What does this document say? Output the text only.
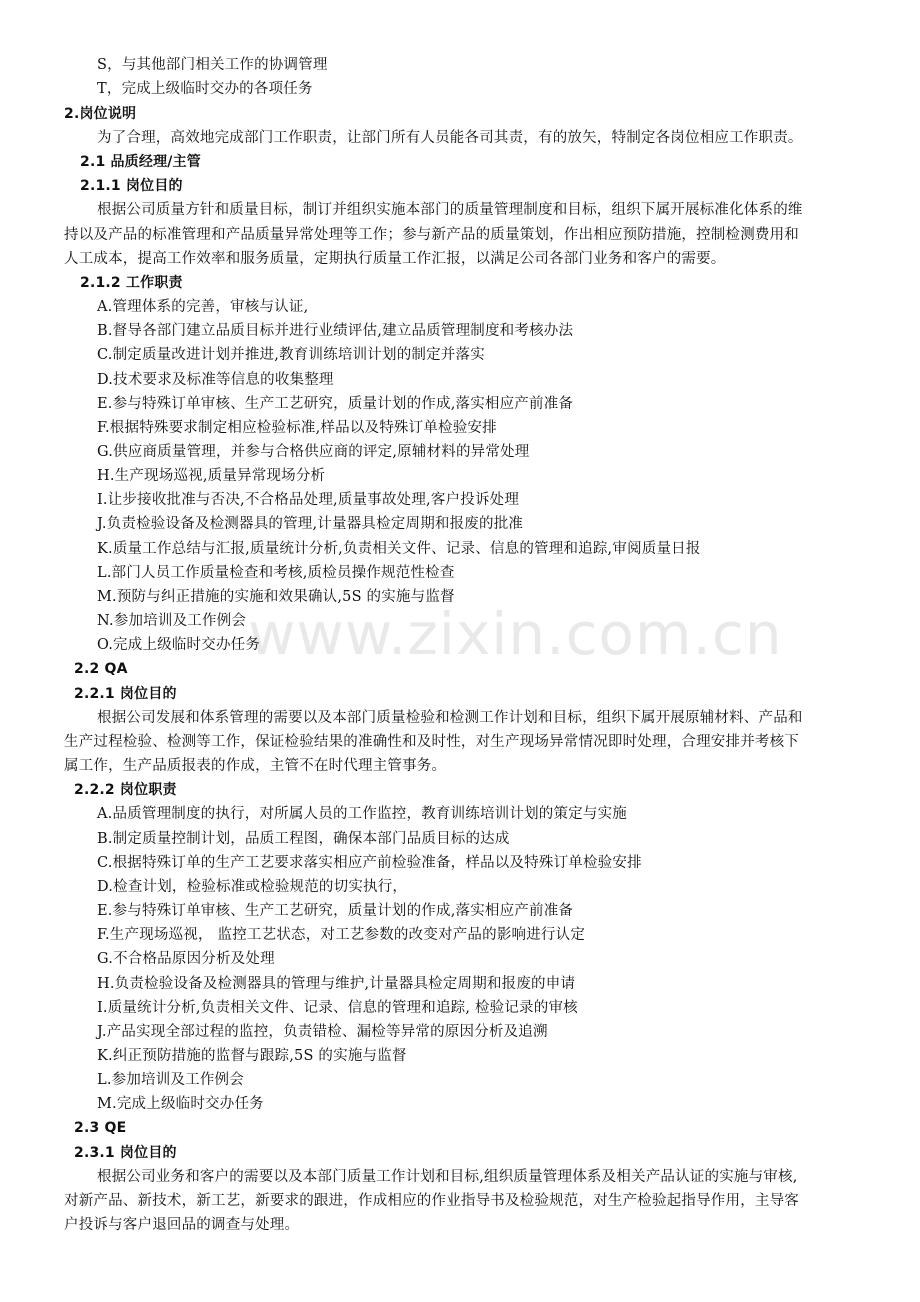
S，与其他部门相关工作的协调管理
T，完成上级临时交办的各项任务
2.岗位说明
为了合理，高效地完成部门工作职责，让部门所有人员能各司其责，有的放矢，特制定各岗位相应工作职责。
2.1 品质经理/主管
2.1.1 岗位目的
根据公司质量方针和质量目标，制订并组织实施本部门的质量管理制度和目标，组织下属开展标准化体系的维
持以及产品的标准管理和产品质量异常处理等工作；参与新产品的质量策划，作出相应预防措施，控制检测费用和
人工成本，提高工作效率和服务质量，定期执行质量工作汇报，以满足公司各部门业务和客户的需要。
2.1.2 工作职责
A.管理体系的完善，审核与认证,
B.督导各部门建立品质目标并进行业绩评估,建立品质管理制度和考核办法
C.制定质量改进计划并推进,教育训练培训计划的制定并落实
D.技术要求及标准等信息的收集整理
E.参与特殊订单审核、生产工艺研究，质量计划的作成,落实相应产前准备
F.根据特殊要求制定相应检验标准,样品以及特殊订单检验安排
G.供应商质量管理，并参与合格供应商的评定,原辅材料的异常处理
H.生产现场巡视,质量异常现场分析
I.让步接收批准与否决,不合格品处理,质量事故处理,客户投诉处理
J.负责检验设备及检测器具的管理,计量器具检定周期和报废的批准
K.质量工作总结与汇报,质量统计分析,负责相关文件、记录、信息的管理和追踪,审阅质量日报
L.部门人员工作质量检查和考核,质检员操作规范性检查
M.预防与纠正措施的实施和效果确认,5S 的实施与监督
N.参加培训及工作例会
O.完成上级临时交办任务
2.2 QA
2.2.1 岗位目的
根据公司发展和体系管理的需要以及本部门质量检验和检测工作计划和目标，组织下属开展原辅材料、产品和
生产过程检验、检测等工作，保证检验结果的准确性和及时性，对生产现场异常情况即时处理，合理安排并考核下
属工作，生产品质报表的作成，主管不在时代理主管事务。
2.2.2 岗位职责
A.品质管理制度的执行，对所属人员的工作监控，教育训练培训计划的策定与实施
B.制定质量控制计划，品质工程图，确保本部门品质目标的达成
C.根据特殊订单的生产工艺要求落实相应产前检验准备，样品以及特殊订单检验安排
D.检查计划，检验标准或检验规范的切实执行，
E.参与特殊订单审核、生产工艺研究，质量计划的作成,落实相应产前准备
F.生产现场巡视， 监控工艺状态，对工艺参数的改变对产品的影响进行认定
G.不合格品原因分析及处理
H.负责检验设备及检测器具的管理与维护,计量器具检定周期和报废的申请
I.质量统计分析,负责相关文件、记录、信息的管理和追踪, 检验记录的审核
J.产品实现全部过程的监控，负责错检、漏检等异常的原因分析及追溯
K.纠正预防措施的监督与跟踪,5S 的实施与监督
L.参加培训及工作例会
M.完成上级临时交办任务
2.3 QE
2.3.1 岗位目的
根据公司业务和客户的需要以及本部门质量工作计划和目标,组织质量管理体系及相关产品认证的实施与审核,
对新产品、新技术，新工艺，新要求的跟进，作成相应的作业指导书及检验规范，对生产检验起指导作用，主导客
户投诉与客户退回品的调查与处理。
www.zixin.com.cn
